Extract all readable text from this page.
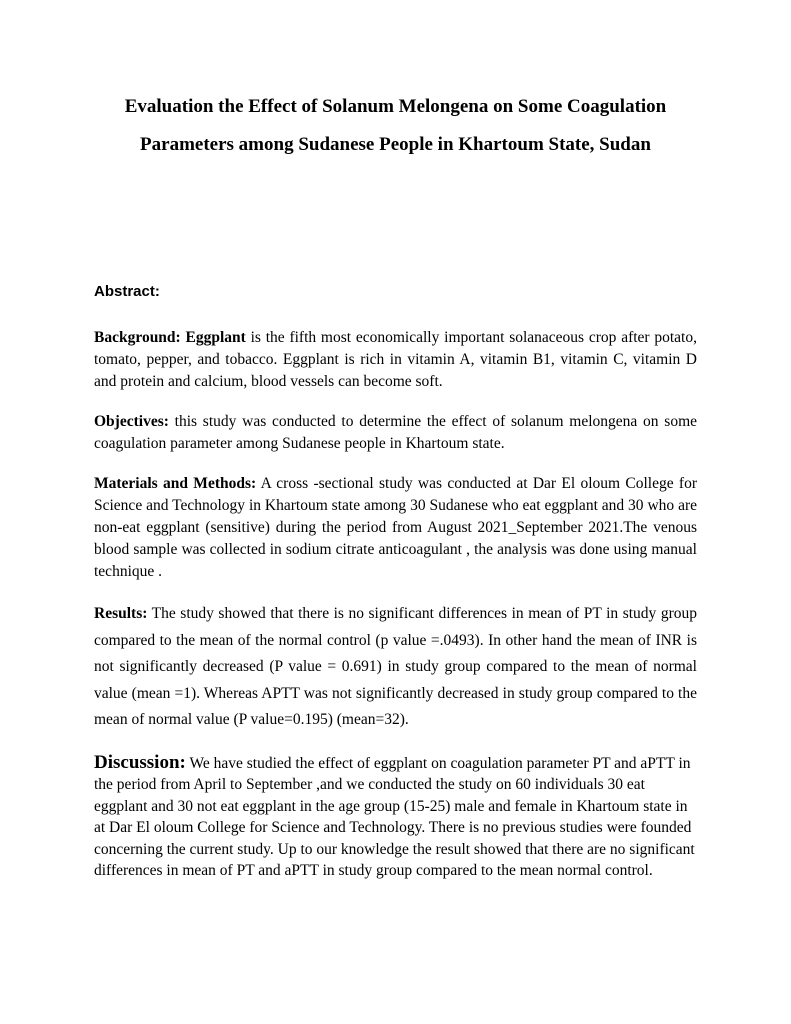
Evaluation the Effect of Solanum Melongena on Some Coagulation
Parameters among Sudanese People in Khartoum State, Sudan

Abstract:

Background: Eggplant is the fifth most economically important solanaceous crop after potato, tomato, pepper, and tobacco. Eggplant is rich in vitamin A, vitamin B1, vitamin C, vitamin D and protein and calcium, blood vessels can become soft.

Objectives: this study was conducted to determine the effect of solanum melongena on some coagulation parameter among Sudanese people in Khartoum state.

Materials and Methods: A cross -sectional study was conducted at Dar El oloum College for Science and Technology in Khartoum state among 30 Sudanese who eat eggplant and 30 who are non-eat eggplant (sensitive) during the period from August 2021_September 2021.The venous blood sample was collected in sodium citrate anticoagulant , the analysis was done using manual technique .

Results: The study showed that there is no significant differences in mean of PT in study group compared to the mean of the normal control (p value =.0493). In other hand the mean of INR is not significantly decreased (P value = 0.691) in study group compared to the mean of normal value (mean =1). Whereas APTT was not significantly decreased in study group compared to the mean of normal value (P value=0.195) (mean=32).

Discussion: We have studied the effect of eggplant on coagulation parameter PT and aPTT in the period from April to September ,and we conducted the study on 60 individuals 30 eat eggplant and 30 not eat eggplant in the age group (15-25) male and female in Khartoum state in at Dar El oloum College for Science and Technology. There is no previous studies were founded concerning the current study. Up to our knowledge the result showed that there are no significant differences in mean of PT and aPTT in study group compared to the mean normal control.
